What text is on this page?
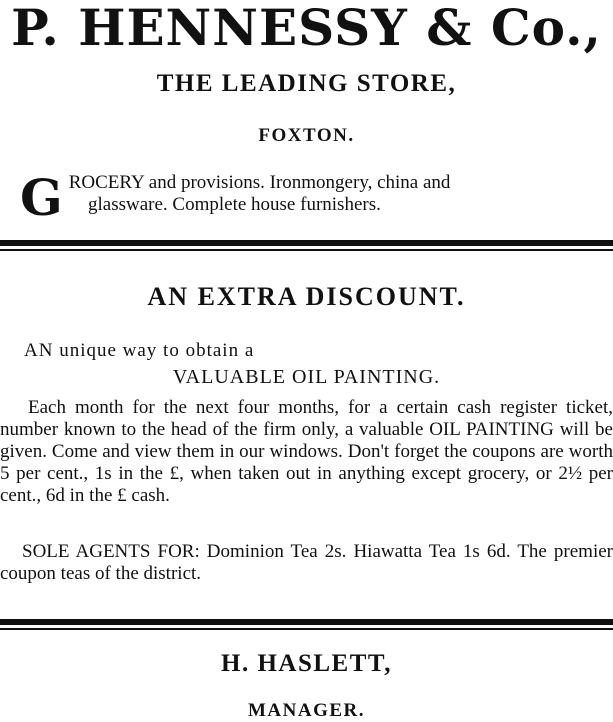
P. HENNESSY & Co.,
THE LEADING STORE,
FOXTON.
G ROCERY and provisions. Ironmongery, china and
glassware. Complete house furnishers.
AN EXTRA DISCOUNT.
AN unique way to obtain a
VALUABLE OIL PAINTING.
Each month for the next four months, for a certain cash register ticket, number known to the head of the firm only, a valuable OIL PAINTING will be given. Come and view them in our windows. Don't forget the coupons are worth 5 per cent., 1s in the £, when taken out in anything except grocery, or 2½ per cent., 6d in the £ cash.
SOLE AGENTS FOR: Dominion Tea 2s. Hiawatta Tea 1s 6d. The premier coupon teas of the district.
H. HASLETT,
MANAGER.
